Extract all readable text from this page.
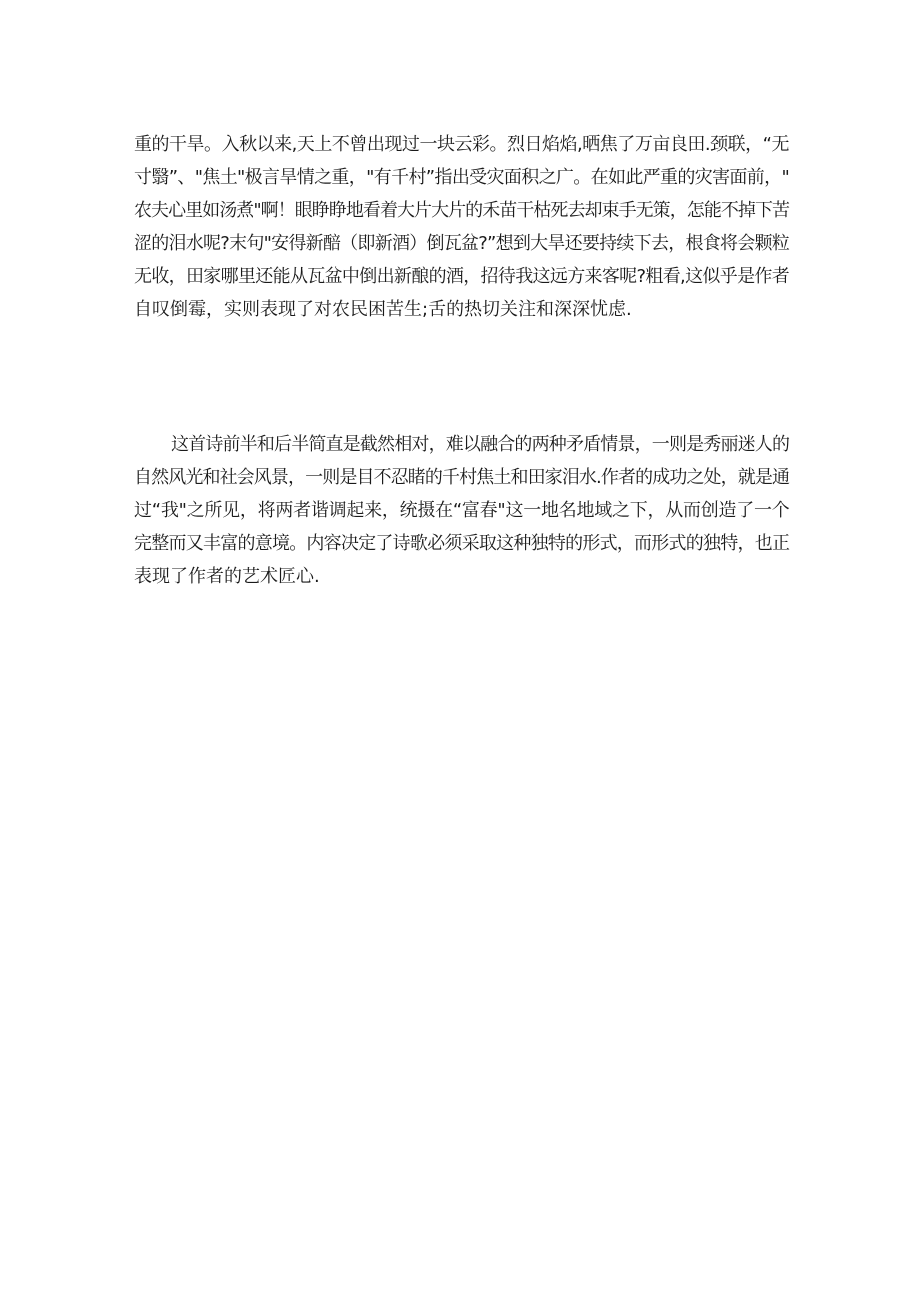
重的干旱。入秋以来,天上不曾出现过一块云彩。烈日焰焰,晒焦了万亩良田.颈联，“无
寸翳”、"焦土"极言旱情之重，"有千村”指出受灾面积之广。在如此严重的灾害面前，"
农夫心里如汤煮"啊！眼睁睁地看着大片大片的禾苗干枯死去却束手无策，怎能不掉下苦
涩的泪水呢?末句"安得新醅（即新酒）倒瓦盆?”想到大旱还要持续下去，根食将会颗粒
无收，田家哪里还能从瓦盆中倒出新酿的酒，招待我这远方来客呢?粗看,这似乎是作者
自叹倒霉，实则表现了对农民困苦生;舌的热切关注和深深忧虑.
这首诗前半和后半简直是截然相对，难以融合的两种矛盾情景，一则是秀丽迷人的
自然风光和社会风景，一则是目不忍睹的千村焦土和田家泪水.作者的成功之处，就是通
过“我"之所见，将两者谐调起来，统摄在“富春"这一地名地域之下，从而创造了一个
完整而又丰富的意境。内容决定了诗歌必须采取这种独特的形式，而形式的独特，也正
表现了作者的艺术匠心.
